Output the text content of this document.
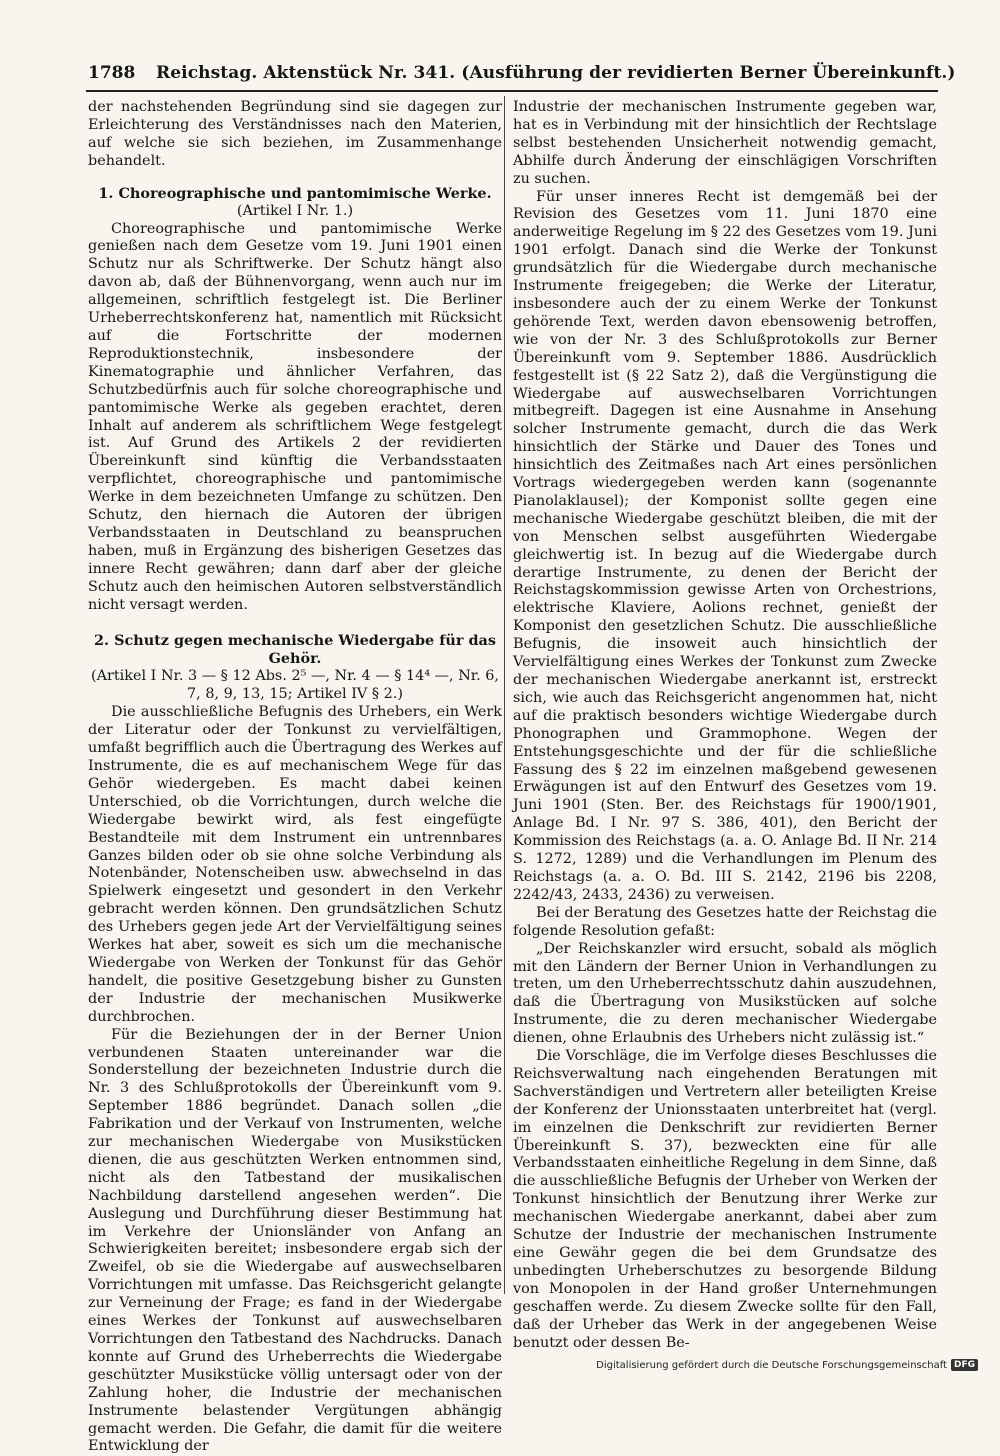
1788 Reichstag. Aktenstück Nr. 341. (Ausführung der revidierten Berner Übereinkunft.)

der nachstehenden Begründung sind sie dagegen zur Erleichterung des Verständnisses nach den Materien, auf welche sie sich beziehen, im Zusammenhange behandelt.

1. Choreographische und pantomimische Werke.

(Artikel I Nr. 1.)

Choreographische und pantomimische Werke genießen nach dem Gesetze vom 19. Juni 1901 einen Schutz nur als Schriftwerke. Der Schutz hängt also davon ab, daß der Bühnenvorgang, wenn auch nur im allgemeinen, schriftlich festgelegt ist. Die Berliner Urheberrechtskonferenz hat, namentlich mit Rücksicht auf die Fortschritte der modernen Reproduktionstechnik, insbesondere der Kinematographie und ähnlicher Verfahren, das Schutzbedürfnis auch für solche choreographische und pantomimische Werke als gegeben erachtet, deren Inhalt auf anderem als schriftlichem Wege festgelegt ist. Auf Grund des Artikels 2 der revidierten Übereinkunft sind künftig die Verbandsstaaten verpflichtet, choreographische und pantomimische Werke in dem bezeichneten Umfange zu schützen. Den Schutz, den hiernach die Autoren der übrigen Verbandsstaaten in Deutschland zu beanspruchen haben, muß in Ergänzung des bisherigen Gesetzes das innere Recht gewähren; dann darf aber der gleiche Schutz auch den heimischen Autoren selbstverständlich nicht versagt werden.

2. Schutz gegen mechanische Wiedergabe für das Gehör.

(Artikel I Nr. 3 — § 12 Abs. 2⁵ —, Nr. 4 — § 14⁴ —, Nr. 6, 7, 8, 9, 13, 15; Artikel IV § 2.)

Die ausschließliche Befugnis des Urhebers, ein Werk der Literatur oder der Tonkunst zu vervielfältigen, umfaßt begrifflich auch die Übertragung des Werkes auf Instrumente, die es auf mechanischem Wege für das Gehör wiedergeben. Es macht dabei keinen Unterschied, ob die Vorrichtungen, durch welche die Wiedergabe bewirkt wird, als fest eingefügte Bestandteile mit dem Instrument ein untrennbares Ganzes bilden oder ob sie ohne solche Verbindung als Notenbänder, Notenscheiben usw. abwechselnd in das Spielwerk eingesetzt und gesondert in den Verkehr gebracht werden können. Den grundsätzlichen Schutz des Urhebers gegen jede Art der Vervielfältigung seines Werkes hat aber, soweit es sich um die mechanische Wiedergabe von Werken der Tonkunst für das Gehör handelt, die positive Gesetzgebung bisher zu Gunsten der Industrie der mechanischen Musikwerke durchbrochen.

Für die Beziehungen der in der Berner Union verbundenen Staaten untereinander war die Sonderstellung der bezeichneten Industrie durch die Nr. 3 des Schlußprotokolls der Übereinkunft vom 9. September 1886 begründet. Danach sollen „die Fabrikation und der Verkauf von Instrumenten, welche zur mechanischen Wiedergabe von Musikstücken dienen, die aus geschützten Werken entnommen sind, nicht als den Tatbestand der musikalischen Nachbildung darstellend angesehen werden“. Die Auslegung und Durchführung dieser Bestimmung hat im Verkehre der Unionsländer von Anfang an Schwierigkeiten bereitet; insbesondere ergab sich der Zweifel, ob sie die Wiedergabe auf auswechselbaren Vorrichtungen mit umfasse. Das Reichsgericht gelangte zur Verneinung der Frage; es fand in der Wiedergabe eines Werkes der Tonkunst auf auswechselbaren Vorrichtungen den Tatbestand des Nachdrucks. Danach konnte auf Grund des Urheberrechts die Wiedergabe geschützter Musikstücke völlig untersagt oder von der Zahlung hoher, die Industrie der mechanischen Instrumente belastender Vergütungen abhängig gemacht werden. Die Gefahr, die damit für die weitere Entwicklung der

Industrie der mechanischen Instrumente gegeben war, hat es in Verbindung mit der hinsichtlich der Rechtslage selbst bestehenden Unsicherheit notwendig gemacht, Abhilfe durch Änderung der einschlägigen Vorschriften zu suchen.

Für unser inneres Recht ist demgemäß bei der Revision des Gesetzes vom 11. Juni 1870 eine anderweitige Regelung im § 22 des Gesetzes vom 19. Juni 1901 erfolgt. Danach sind die Werke der Tonkunst grundsätzlich für die Wiedergabe durch mechanische Instrumente freigegeben; die Werke der Literatur, insbesondere auch der zu einem Werke der Tonkunst gehörende Text, werden davon ebensowenig betroffen, wie von der Nr. 3 des Schlußprotokolls zur Berner Übereinkunft vom 9. September 1886. Ausdrücklich festgestellt ist (§ 22 Satz 2), daß die Vergünstigung die Wiedergabe auf auswechselbaren Vorrichtungen mitbegreift. Dagegen ist eine Ausnahme in Ansehung solcher Instrumente gemacht, durch die das Werk hinsichtlich der Stärke und Dauer des Tones und hinsichtlich des Zeitmaßes nach Art eines persönlichen Vortrags wiedergegeben werden kann (sogenannte Pianolaklausel); der Komponist sollte gegen eine mechanische Wiedergabe geschützt bleiben, die mit der von Menschen selbst ausgeführten Wiedergabe gleichwertig ist. In bezug auf die Wiedergabe durch derartige Instrumente, zu denen der Bericht der Reichstagskommission gewisse Arten von Orchestrions, elektrische Klaviere, Aolions rechnet, genießt der Komponist den gesetzlichen Schutz. Die ausschließliche Befugnis, die insoweit auch hinsichtlich der Vervielfältigung eines Werkes der Tonkunst zum Zwecke der mechanischen Wiedergabe anerkannt ist, erstreckt sich, wie auch das Reichsgericht angenommen hat, nicht auf die praktisch besonders wichtige Wiedergabe durch Phonographen und Grammophone. Wegen der Entstehungsgeschichte und der für die schließliche Fassung des § 22 im einzelnen maßgebend gewesenen Erwägungen ist auf den Entwurf des Gesetzes vom 19. Juni 1901 (Sten. Ber. des Reichstags für 1900/1901, Anlage Bd. I Nr. 97 S. 386, 401), den Bericht der Kommission des Reichstags (a. a. O. Anlage Bd. II Nr. 214 S. 1272, 1289) und die Verhandlungen im Plenum des Reichstags (a. a. O. Bd. III S. 2142, 2196 bis 2208, 2242/43, 2433, 2436) zu verweisen.

Bei der Beratung des Gesetzes hatte der Reichstag die folgende Resolution gefaßt:

„Der Reichskanzler wird ersucht, sobald als möglich mit den Ländern der Berner Union in Verhandlungen zu treten, um den Urheberrechtsschutz dahin auszudehnen, daß die Übertragung von Musikstücken auf solche Instrumente, die zu deren mechanischer Wiedergabe dienen, ohne Erlaubnis des Urhebers nicht zulässig ist.“

Die Vorschläge, die im Verfolge dieses Beschlusses die Reichsverwaltung nach eingehenden Beratungen mit Sachverständigen und Vertretern aller beteiligten Kreise der Konferenz der Unionsstaaten unterbreitet hat (vergl. im einzelnen die Denkschrift zur revidierten Berner Übereinkunft S. 37), bezweckten eine für alle Verbandsstaaten einheitliche Regelung in dem Sinne, daß die ausschließliche Befugnis der Urheber von Werken der Tonkunst hinsichtlich der Benutzung ihrer Werke zur mechanischen Wiedergabe anerkannt, dabei aber zum Schutze der Industrie der mechanischen Instrumente eine Gewähr gegen die bei dem Grundsatze des unbedingten Urheberschutzes zu besorgende Bildung von Monopolen in der Hand großer Unternehmungen geschaffen werde. Zu diesem Zwecke sollte für den Fall, daß der Urheber das Werk in der angegebenen Weise benutzt oder dessen Be-

Digitalisierung gefördert durch die Deutsche Forschungsgemeinschaft DFG
